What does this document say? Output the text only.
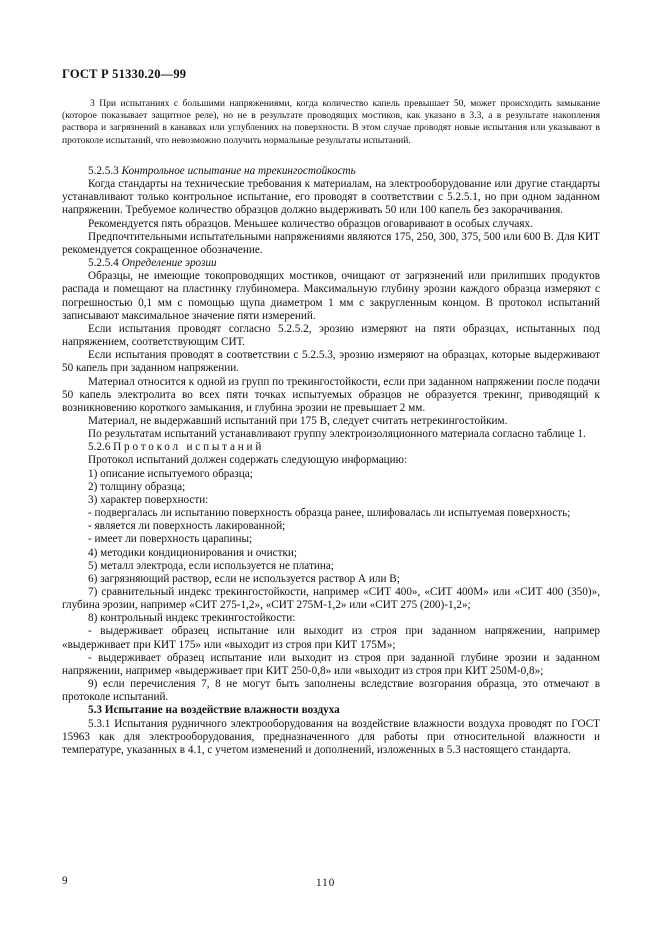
ГОСТ Р 51330.20—99

3 При испытаниях с большими напряжениями, когда количество капель превышает 50, может происходить замыкание (которое показывает защитное реле), но не в результате проводящих мостиков, как указано в 3.3, а в результате накопления раствора и загрязнений в канавках или углублениях на поверхности. В этом случае проводят новые испытания или указывают в протоколе испытаний, что невозможно получить нормальные результаты испытаний.

5.2.5.3 Контрольное испытание на трекингостойкость

Когда стандарты на технические требования к материалам, на электрооборудование или другие стандарты устанавливают только контрольное испытание, его проводят в соответствии с 5.2.5.1, но при одном заданном напряжении. Требуемое количество образцов должно выдерживать 50 или 100 капель без закорачивания.

Рекомендуется пять образцов. Меньшее количество образцов оговаривают в особых случаях.

Предпочтительными испытательными напряжениями являются 175, 250, 300, 375, 500 или 600 В. Для КИТ рекомендуется сокращенное обозначение.

5.2.5.4 Определение эрозии

Образцы, не имеющие токопроводящих мостиков, очищают от загрязнений или прилипших продуктов распада и помещают на пластинку глубиномера. Максимальную глубину эрозии каждого образца измеряют с погрешностью 0,1 мм с помощью щупа диаметром 1 мм с закругленным концом. В протокол испытаний записывают максимальное значение пяти измерений.

Если испытания проводят согласно 5.2.5.2, эрозию измеряют на пяти образцах, испытанных под напряжением, соответствующим СИТ.

Если испытания проводят в соответствии с 5.2.5.3, эрозию измеряют на образцах, которые выдерживают 50 капель при заданном напряжении.

Материал относится к одной из групп по трекингостойкости, если при заданном напряжении после подачи 50 капель электролита во всех пяти точках испытуемых образцов не образуется трекинг, приводящий к возникновению короткого замыкания, и глубина эрозии не превышает 2 мм.

Материал, не выдержавший испытаний при 175 В, следует считать нетрекингостойким.

По результатам испытаний устанавливают группу электроизоляционного материала согласно таблице 1.

5.2.6 Протокол испытаний

Протокол испытаний должен содержать следующую информацию:

1) описание испытуемого образца;

2) толщину образца;

3) характер поверхности:

- подвергалась ли испытанию поверхность образца ранее, шлифовалась ли испытуемая поверхность;

- является ли поверхность лакированной;

- имеет ли поверхность царапины;

4) методики кондиционирования и очистки;

5) металл электрода, если используется не платина;

6) загрязняющий раствор, если не используется раствор А или В;

7) сравнительный индекс трекингостойкости, например «СИТ 400», «СИТ 400М» или «СИТ 400 (350)», глубина эрозии, например «СИТ 275-1,2», «СИТ 275М-1,2» или «СИТ 275 (200)-1,2»;

8) контрольный индекс трекингостойкости:

- выдерживает образец испытание или выходит из строя при заданном напряжении, например «выдерживает при КИТ 175» или «выходит из строя при КИТ 175М»;

- выдерживает образец испытание или выходит из строя при заданной глубине эрозии и заданном напряжении, например «выдерживает при КИТ 250-0,8» или «выходит из строя при КИТ 250М-0,8»;

9) если перечисления 7, 8 не могут быть заполнены вследствие возгорания образца, это отмечают в протоколе испытаний.

5.3 Испытание на воздействие влажности воздуха

5.3.1 Испытания рудничного электрооборудования на воздействие влажности воздуха проводят по ГОСТ 15963 как для электрооборудования, предназначенного для работы при относительной влажности и температуре, указанных в 4.1, с учетом изменений и дополнений, изложенных в 5.3 настоящего стандарта.

9	110
